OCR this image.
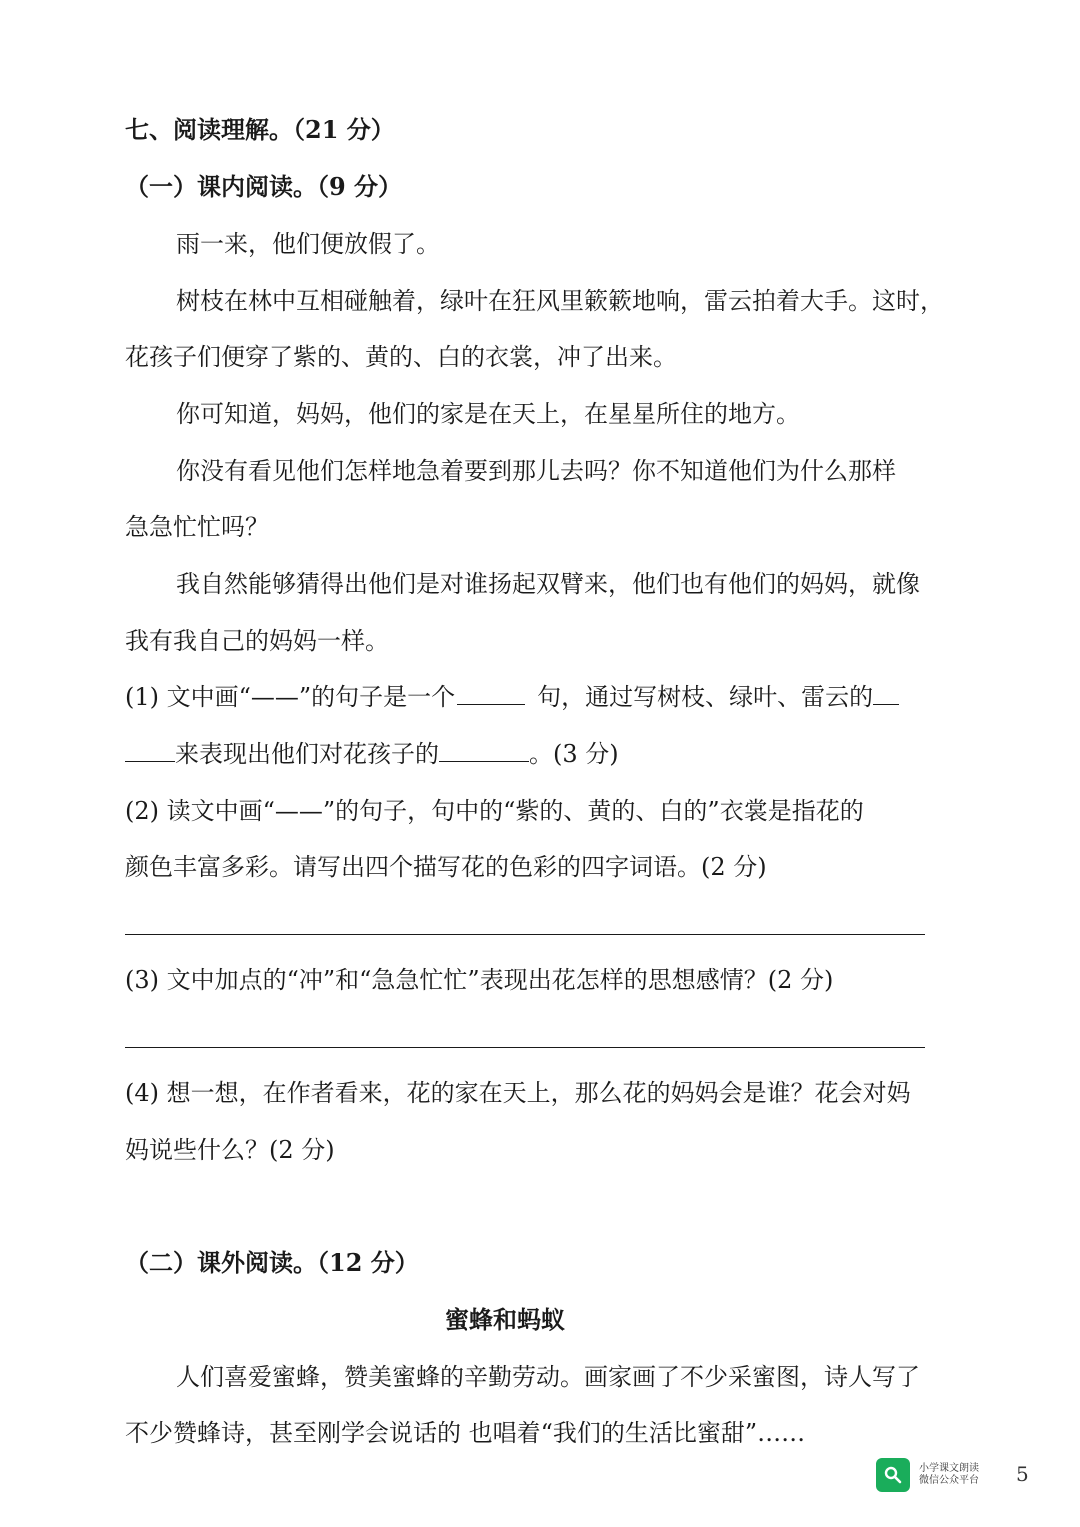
七、阅读理解。（21 分）
（一）课内阅读。（9 分）
雨一来，他们便放假了。
树枝在林中互相碰触着，绿叶在狂风里簌簌地响，雷云拍着大手。这时，
花孩子们便穿了紫的、黄的、白的衣裳，冲了出来。
你可知道，妈妈，他们的家是在天上，在星星所住的地方。
你没有看见他们怎样地急着要到那儿去吗？你不知道他们为什么那样
急急忙忙吗？
我自然能够猜得出他们是对谁扬起双臂来，他们也有他们的妈妈，就像
我有我自己的妈妈一样。
(1) 文中画“——”的句子是一个	句，通过写树枝、绿叶、雷云的
来表现出他们对花孩子的	。(3 分)
(2) 读文中画“——”的句子，句中的“紫的、黄的、白的”衣裳是指花的
颜色丰富多彩。请写出四个描写花的色彩的四字词语。(2 分)
(3) 文中加点的“冲”和“急急忙忙”表现出花怎样的思想感情？(2 分)
(4) 想一想，在作者看来，花的家在天上，那么花的妈妈会是谁？花会对妈
妈说些什么？(2 分)
（二）课外阅读。（12 分）
蜜蜂和蚂蚁
人们喜爱蜜蜂，赞美蜜蜂的辛勤劳动。画家画了不少采蜜图，诗人写了
不少赞蜂诗，甚至刚学会说话的 也唱着“我们的生活比蜜甜”……
小学课文朗读
微信公众平台 5
